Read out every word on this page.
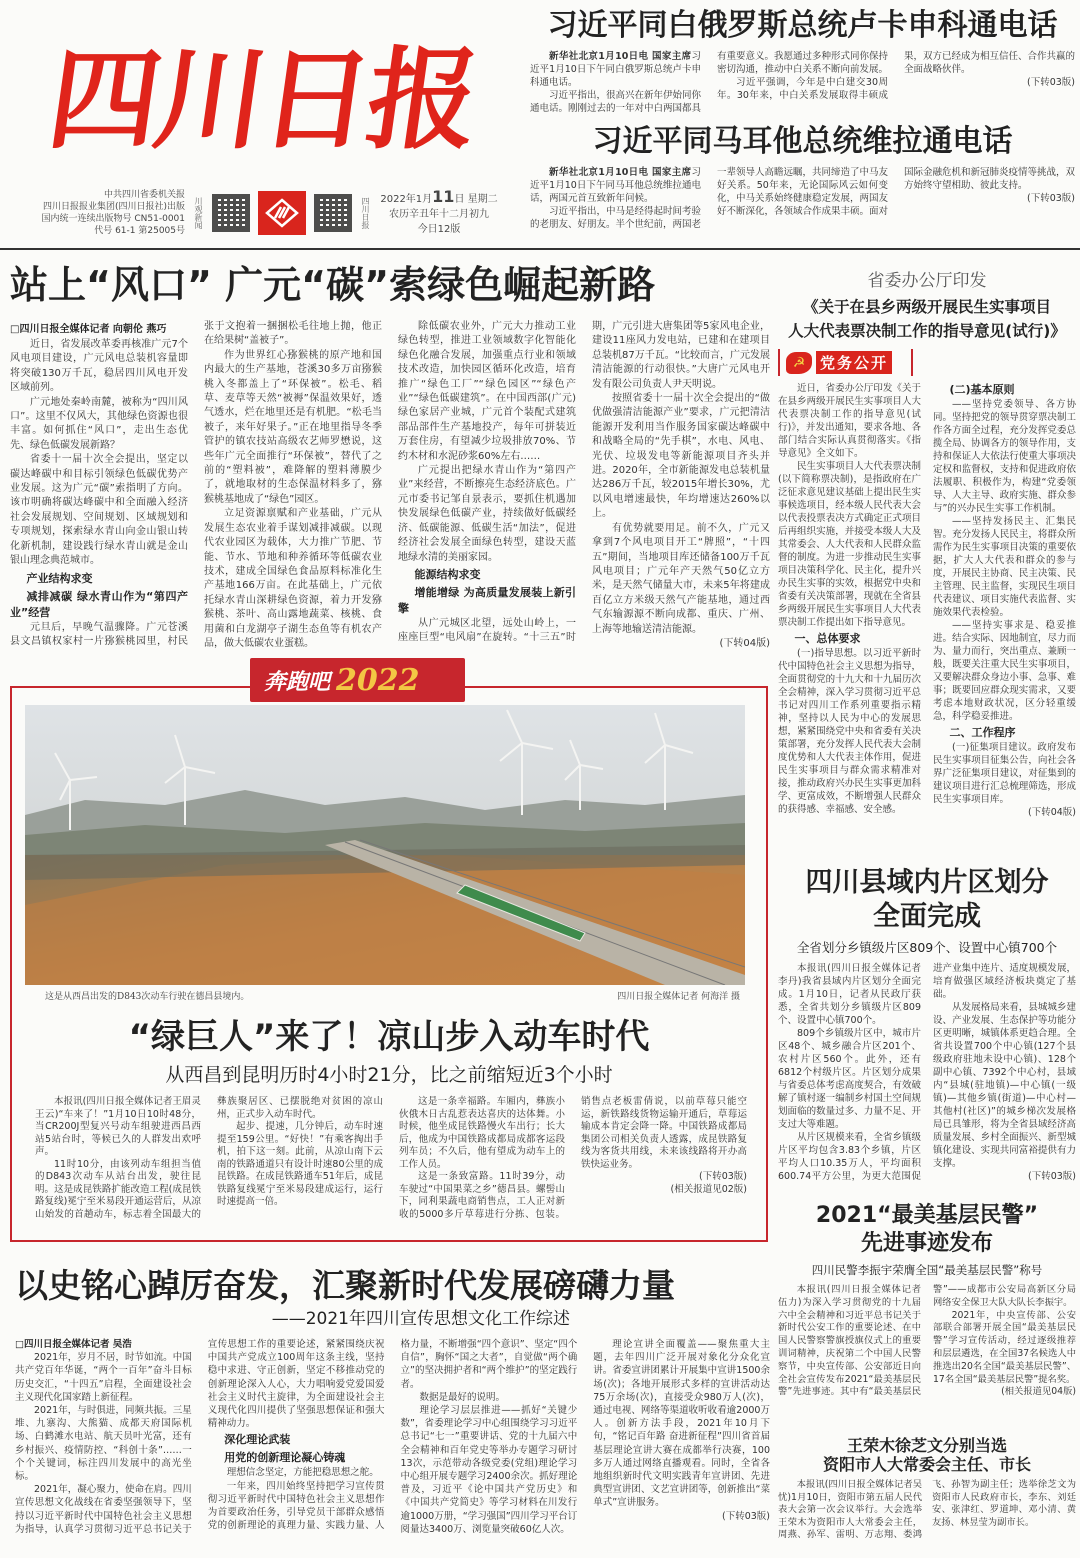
四川日报
中共四川省委机关报
四川日报报业集团(四川日报社)出版
国内统一连续出版物号 CN51-0001
代号 61-1 第25005号
川观新闻	四川日报 2022年1月11日 星期二
农历辛丑年十二月初九
今日12版
习近平同白俄罗斯总统卢卡申科通电话

新华社北京1月10日电 国家主席习近平1月10日下午同白俄罗斯总统卢卡申科通电话。

习近平指出，很高兴在新年伊始同你通电话。刚刚过去的一年对中白两国都具有重要意义。我愿通过多种形式同你保持密切沟通，推动中白关系不断向前发展。

习近平强调，今年是中白建交30周年。30年来，中白关系发展取得丰硕成果，双方已经成为相互信任、合作共赢的全面战略伙伴。

(下转03版)

习近平同马耳他总统维拉通电话

新华社北京1月10日电 国家主席习近平1月10日下午同马耳他总统维拉通电话，两国元首互致新年问候。

习近平指出，中马是经得起时间考验的老朋友、好朋友。半个世纪前，两国老一辈领导人高瞻远瞩，共同缔造了中马友好关系。50年来，无论国际风云如何变化，中马关系始终健康稳定发展，两国友好不断深化，各领域合作成果丰硕。面对国际金融危机和新冠肺炎疫情等挑战，双方始终守望相助、彼此支持。

(下转03版)

站上“风口” 广元“碳”索绿色崛起新路

□四川日报全媒体记者 向朝伦 燕巧

近日，省发展改革委再核准广元7个风电项目建设，广元风电总装机容量即将突破130万千瓦，稳居四川风电开发区域前列。

广元地处秦岭南麓，被称为“四川风口”。这里不仅风大，其他绿色资源也很丰富。如何抓住“风口”，走出生态优先、绿色低碳发展新路？

省委十一届十次全会提出，坚定以碳达峰碳中和目标引领绿色低碳优势产业发展。这为广元“碳”索指明了方向。该市明确将碳达峰碳中和全面融入经济社会发展规划、空间规划、区域规划和专项规划，探索绿水青山向金山银山转化新机制，建设践行绿水青山就是金山银山理念典范城市。

产业结构求变

减排减碳 绿水青山作为“第四产业”经营

元旦后，早晚气温骤降。广元苍溪县文昌镇权家村一片猕猴桃园里，村民张于文抱着一捆捆松毛往地上抛，他正在给果树“盖被子”。

作为世界红心猕猴桃的原产地和国内最大的生产基地，苍溪30多万亩猕猴桃入冬都盖上了“环保被”。松毛、稻草、麦草等天然“被褥”保温效果好，透气透水，烂在地里还是有机肥。“松毛当被子，来年好果子。”正在地里指导冬季管护的镇农技站高级农艺师罗懋说，这些年广元全面推行“环保被”，替代了之前的“塑料被”，难降解的塑料薄膜少了，就地取材的生态保温材料多了，猕猴桃基地成了“绿色”园区。

立足资源禀赋和产业基础，广元从发展生态农业着手谋划减排减碳。以现代农业园区为载体，大力推广节肥、节能、节水、节地和种养循环等低碳农业技术，建成全国绿色食品原料标准化生产基地166万亩。在此基础上，广元依托绿水青山深耕绿色资源，着力开发猕猴桃、茶叶、高山露地蔬菜、核桃、食用菌和白龙湖亭子湖生态鱼等有机农产品，做大低碳农业蛋糕。

除低碳农业外，广元大力推动工业绿色转型，推进工业领域数字化智能化绿色化融合发展，加强重点行业和领域技术改造，加快园区循环化改造，培育推广“绿色工厂”“绿色园区”“绿色产业”“绿色低碳建筑”。在中国西部(广元)绿色家居产业城，广元首个装配式建筑部品部件生产基地投产，每年可拼装近万套住房，有望减少垃圾排放70%、节约木材和水泥砂浆60%左右……

广元提出把绿水青山作为“第四产业”来经营，不断擦亮生态经济底色。广元市委书记邹自景表示，要抓住机遇加快发展绿色低碳产业，持续做好低碳经济、低碳能源、低碳生活“加法”，促进经济社会发展全面绿色转型，建设天蓝地绿水清的美丽家园。

能源结构求变

增能增绿 为高质量发展装上新引擎

从广元城区北望，远处山岭上，一座座巨型“电风扇”在旋转。“十三五”时期，广元引进大唐集团等5家风电企业，建设11座风力发电站，已建和在建项目总装机87万千瓦。“比较而言，广元发展清洁能源的行动很快。”大唐广元风电开发有限公司负责人尹天明说。

按照省委十一届十次全会提出的“做优做强清洁能源产业”要求，广元把清洁能源开发利用当作服务国家碳达峰碳中和战略全局的“先手棋”，水电、风电、光伏、垃圾发电等新能源项目齐头并进。2020年，全市新能源发电总装机量达286万千瓦，较2015年增长30%，尤以风电增速最快，年均增速达260%以上。

有优势就要用足。前不久，广元又拿到7个风电项目开工“牌照”，“十四五”期间，当地项目库还储备100万千瓦风电项目；广元年产天然气50亿立方米，是天然气储量大市，未来5年将建成百亿立方米级天然气产能基地，通过西气东输源源不断向成都、重庆、广州、上海等地输送清洁能源。

(下转04版)

省委办公厅印发
《关于在县乡两级开展民生实事项目
人大代表票决制工作的指导意见(试行)》
☭ 党务公开

近日，省委办公厅印发《关于在县乡两级开展民生实事项目人大代表票决制工作的指导意见(试行)》，并发出通知，要求各地、各部门结合实际认真贯彻落实。《指导意见》全文如下。

民生实事项目人大代表票决制(以下简称票决制)，是指政府在广泛征求意见建议基础上提出民生实事候选项目，经本级人民代表大会以代表投票表决方式确定正式项目后再组织实施，并接受本级人大及其常委会、人大代表和人民群众监督的制度。为进一步推动民生实事项目决策科学化、民主化，提升兴办民生实事的实效，根据党中央和省委有关决策部署，现就在全省县乡两级开展民生实事项目人大代表票决制工作提出如下指导意见。

一、总体要求

(一)指导思想。以习近平新时代中国特色社会主义思想为指导，全面贯彻党的十九大和十九届历次全会精神，深入学习贯彻习近平总书记对四川工作系列重要指示精神，坚持以人民为中心的发展思想，紧紧围绕党中央和省委有关决策部署，充分发挥人民代表大会制度优势和人大代表主体作用，促进民生实事项目与群众需求精准对接，推动政府兴办民生实事更加科学、更富成效，不断增强人民群众的获得感、幸福感、安全感。

(二)基本原则

——坚持党委领导、各方协同。坚持把党的领导贯穿票决制工作各方面全过程，充分发挥党委总揽全局、协调各方的领导作用，支持和保证人大依法行使重大事项决定权和监督权，支持和促进政府依法履职、积极作为，构建“党委领导、人大主导、政府实施、群众参与”的兴办民生实事工作机制。

——坚持发扬民主、汇集民智。充分发扬人民民主，将群众所需作为民生实事项目决策的重要依据，扩大人大代表和群众的参与度，开展民主协商、民主决策、民主管理、民主监督，实现民生项目代表建议、项目实施代表监督、实施效果代表检验。

——坚持实事求是、稳妥推进。结合实际、因地制宜，尽力而为、量力而行，突出重点、兼顾一般，既要关注重大民生实事项目，又要解决群众身边小事、急事、难事；既要回应群众现实需求，又要考虑本地财政状况，区分轻重缓急，科学稳妥推进。

二、工作程序

(一)征集项目建议。政府发布民生实事项目征集公告，向社会各界广泛征集项目建议，对征集到的建议项目进行汇总梳理筛选，形成民生实事项目库。

(下转04版)

奔跑吧 2022
这是从西昌出发的D843次动车行驶在德昌县境内。	四川日报全媒体记者 何海洋 摄
“绿巨人”来了！凉山步入动车时代
从西昌到昆明历时4小时21分，比之前缩短近3个小时

本报讯(四川日报全媒体记者王眉灵 王云)“车来了！”1月10日10时48分，当CR200J型复兴号动车组驶进西昌西站5站台时，等候已久的人群发出欢呼声。

11时10分，由该列动车组担当值的D843次动车从站台出发，驶往昆明。这是成昆铁路扩能改造工程(成昆铁路复线)冕宁至米易段开通运营后，从凉山始发的首趟动车，标志着全国最大的彝族聚居区、已摆脱绝对贫困的凉山州，正式步入动车时代。

起步、提速，几分钟后，动车时速提至159公里。“好快！”有乘客掏出手机，拍下这一刻。此前，从凉山南下云南的铁路通道只有设计时速80公里的成昆铁路。在成昆铁路通车51年后，成昆铁路复线冕宁至米易段建成运行，运行时速提高一倍。

这是一条幸福路。车厢内，彝族小伙俄木日古乱惹表达喜庆的达体舞。小时候，他坐成昆铁路慢火车出行；长大后，他成为中国铁路成都局成都客运段列车员；不久后，他有望成为动车上的工作人员。

这是一条致富路。11时39分，动车驶过“中国果菜之乡”德昌县。螺髻山下，同利果蔬电商销售点，工人正对新收的5000多斤草莓进行分拣、包装。销售点老板雷倩说，以前草莓只能空运，新铁路线货物运输开通后，草莓运输成本肯定会降一降。中国铁路成都局集团公司相关负责人透露，成昆铁路复线为客货共用线，未来该线路将开办高铁快运业务。

(下转03版)

(相关报道见02版)

四川县域内片区划分
全面完成
全省划分乡镇级片区809个、设置中心镇700个

本报讯(四川日报全媒体记者李丹)我省县域内片区划分全面完成。1月10日，记者从民政厅获悉，全省共划分乡镇级片区809个、设置中心镇700个。

809个乡镇级片区中，城市片区48个、城乡融合片区201个、农村片区560个。此外，还有6812个村级片区。片区划分成果与省委总体考虑高度契合，有效破解了镇村逐一编制乡村国土空间规划面临的数量过多、力量不足、开支过大等难题。

从片区规模来看，全省乡镇级片区平均包含3.83个乡镇，片区平均人口10.35万人，平均面积600.74平方公里，为更大范围促进产业集中连片、适度规模发展，培育做强区域经济板块奠定了基础。

从发展格局来看，县城城乡建设、产业发展、生态保护等功能分区更明晰，城镇体系更趋合理。全省共设置700个中心镇(127个县级政府驻地未设中心镇)、128个副中心镇、7392个中心村，县域内“县城(驻地镇)—中心镇(一级镇)—其他乡镇(街道)—中心村—其他村(社区)”的城乡梯次发展格局已具雏形，将为全省县域经济高质量发展、乡村全面振兴、新型城镇化建设、实现共同富裕提供有力支撑。

(下转03版)

2021“最美基层民警”
先进事迹发布
四川民警李振宇荣膺全国“最美基层民警”称号

本报讯(四川日报全媒体记者伍力)为深入学习贯彻党的十九届六中全会精神和习近平总书记关于新时代公安工作的重要论述、在中国人民警察警旗授旗仪式上的重要训词精神，庆祝第二个中国人民警察节，中央宣传部、公安部近日向全社会宣传发布2021“最美基层民警”先进事迹。其中有“最美基层民警”——成都市公安局高新区分局网络安全保卫大队大队长李振宇。

2021年，中央宣传部、公安部联合部署开展全国“最美基层民警”学习宣传活动，经过逐级推荐和层层遴选，在全国37名候选人中推选出20名全国“最美基层民警”、17名全国“最美基层民警”提名奖。

(相关报道见04版)

以史铭心踔厉奋发，汇聚新时代发展磅礴力量
——2021年四川宣传思想文化工作综述

□四川日报全媒体记者 吴浩

2021年，岁月不居，时节如流。中国共产党百年华诞，“两个一百年”奋斗目标历史交汇，“十四五”启程，全面建设社会主义现代化国家踏上新征程。

2021年，与时俱进，同频共振。三星堆、九寨沟、大熊猫、成都天府国际机场、白鹤滩水电站、航天员叶光富，还有乡村振兴、疫情防控、“科创十条”……一个个关键词，标注四川发展中的高光坐标。

2021年，凝心聚力，使命在肩。四川宣传思想文化战线在省委坚强领导下，坚持以习近平新时代中国特色社会主义思想为指导，认真学习贯彻习近平总书记关于宣传思想工作的重要论述，紧紧围绕庆祝中国共产党成立100周年这条主线，坚持稳中求进、守正创新，坚定不移推动党的创新理论深入人心，大力唱响爱党爱国爱社会主义时代主旋律，为全面建设社会主义现代化四川提供了坚强思想保证和强大精神动力。

深化理论武装

用党的创新理论凝心铸魂

理想信念坚定，方能把稳思想之舵。

一年来，四川始终坚持把学习宣传贯彻习近平新时代中国特色社会主义思想作为首要政治任务，引导党员干部群众感悟党的创新理论的真理力量、实践力量、人格力量，不断增强“四个意识”、坚定“四个自信”，胸怀“国之大者”，自觉做“两个确立”的坚决拥护者和“两个维护”的坚定践行者。

数据是最好的说明。

理论学习层层推进——抓好“关键少数”，省委理论学习中心组围绕学习习近平总书记“七一”重要讲话、党的十九届六中全会精神和百年党史等举办专题学习研讨13次，示范带动各级党委(党组)理论学习中心组开展专题学习2400余次。抓好理论普及，习近平《论中国共产党历史》和《中国共产党简史》等学习材料在川发行逾1000万册，“学习强国”四川学习平台订阅量达3400万、浏览量突破60亿人次。

理论宣讲全面覆盖——聚焦重大主题，去年四川广泛开展对象化分众化宣讲。省委宣讲团累计开展集中宣讲1500余场(次)；各地开展形式多样的宣讲活动达75万余场(次)，直接受众980万人(次)，通过电视、网络等渠道收听收看逾2000万人。创新方法手段，2021年10月下旬，“铭记百年路 奋进新征程”四川省首届基层理论宣讲大赛在成都举行决赛，100多万人通过网络直播观看。同时，全省各地组织新时代文明实践青年宣讲团、先进典型宣讲团、文艺宣讲团等，创新推出“菜单式”宣讲服务。

(下转03版)

王荣木徐芝文分别当选
资阳市人大常委会主任、市长

本报讯(四川日报全媒体记者吴忧)1月10日，资阳市第五届人民代表大会第一次会议举行。大会选举王荣木为资阳市人大常委会主任，周燕、孙军、雷明、万志翔、娄鸿飞、孙智为副主任；选举徐芝文为资阳市人民政府市长，李东、刘廷安、张津红、罗道坤、邓小清、黄友扬、林昱莹为副市长。
